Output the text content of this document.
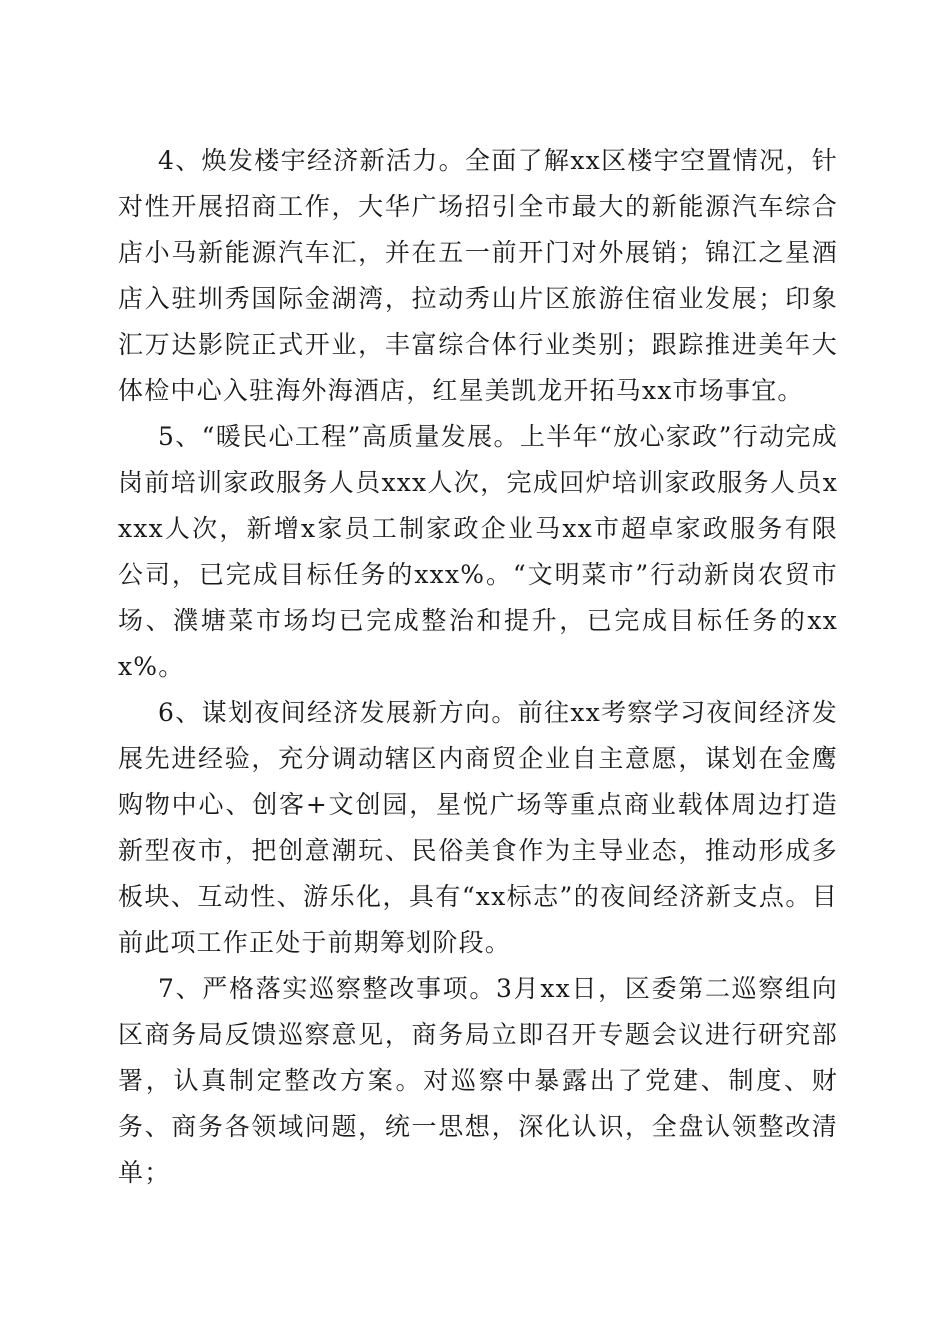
4、焕发楼宇经济新活力。全面了解xx区楼宇空置情况，针对性开展招商工作，大华广场招引全市最大的新能源汽车综合店小马新能源汽车汇，并在五一前开门对外展销；锦江之星酒店入驻圳秀国际金湖湾，拉动秀山片区旅游住宿业发展；印象汇万达影院正式开业，丰富综合体行业类别；跟踪推进美年大体检中心入驻海外海酒店，红星美凯龙开拓马xx市场事宜。

5、“暖民心工程”高质量发展。上半年“放心家政”行动完成岗前培训家政服务人员xxx人次，完成回炉培训家政服务人员xxxx人次，新增x家员工制家政企业马xx市超卓家政服务有限公司，已完成目标任务的xxx%。“文明菜市”行动新岗农贸市场、濮塘菜市场均已完成整治和提升，已完成目标任务的xxx%。

6、谋划夜间经济发展新方向。前往xx考察学习夜间经济发展先进经验，充分调动辖区内商贸企业自主意愿，谋划在金鹰购物中心、创客+文创园，星悦广场等重点商业载体周边打造新型夜市，把创意潮玩、民俗美食作为主导业态，推动形成多板块、互动性、游乐化，具有“xx标志”的夜间经济新支点。目前此项工作正处于前期筹划阶段。

7、严格落实巡察整改事项。3月xx日，区委第二巡察组向区商务局反馈巡察意见，商务局立即召开专题会议进行研究部署，认真制定整改方案。对巡察中暴露出了党建、制度、财务、商务各领域问题，统一思想，深化认识，全盘认领整改清单；
